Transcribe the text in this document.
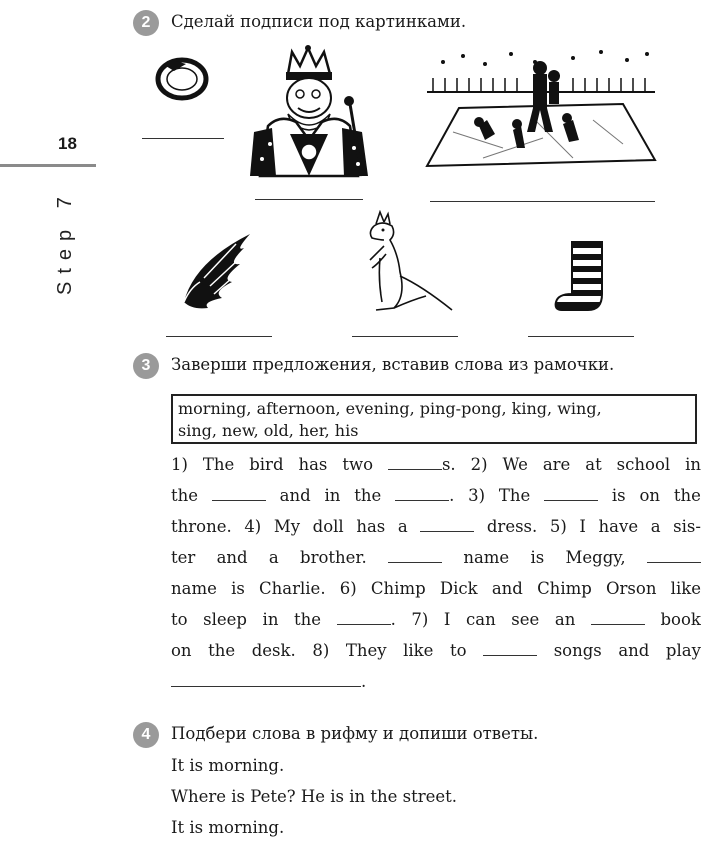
18
Step 7
2	Сделай подписи под картинками.
3	Заверши предложения, вставив слова из рамочки.
morning, afternoon, evening, ping-pong, king, wing,
sing, new, old, her, his
1) The bird has two	s. 2) We are at school in
the	and in the	. 3) The	is on the
throne. 4) My doll has a	dress. 5) I have a sis-
ter and a brother.	name is Meggy,
name is Charlie. 6) Chimp Dick and Chimp Orson like
to sleep in the	. 7) I can see an	book
on the desk. 8) They like to	songs and play
.
4	Подбери слова в рифму и допиши ответы.
It is morning.
Where is Pete? He is in the street.
It is morning.
